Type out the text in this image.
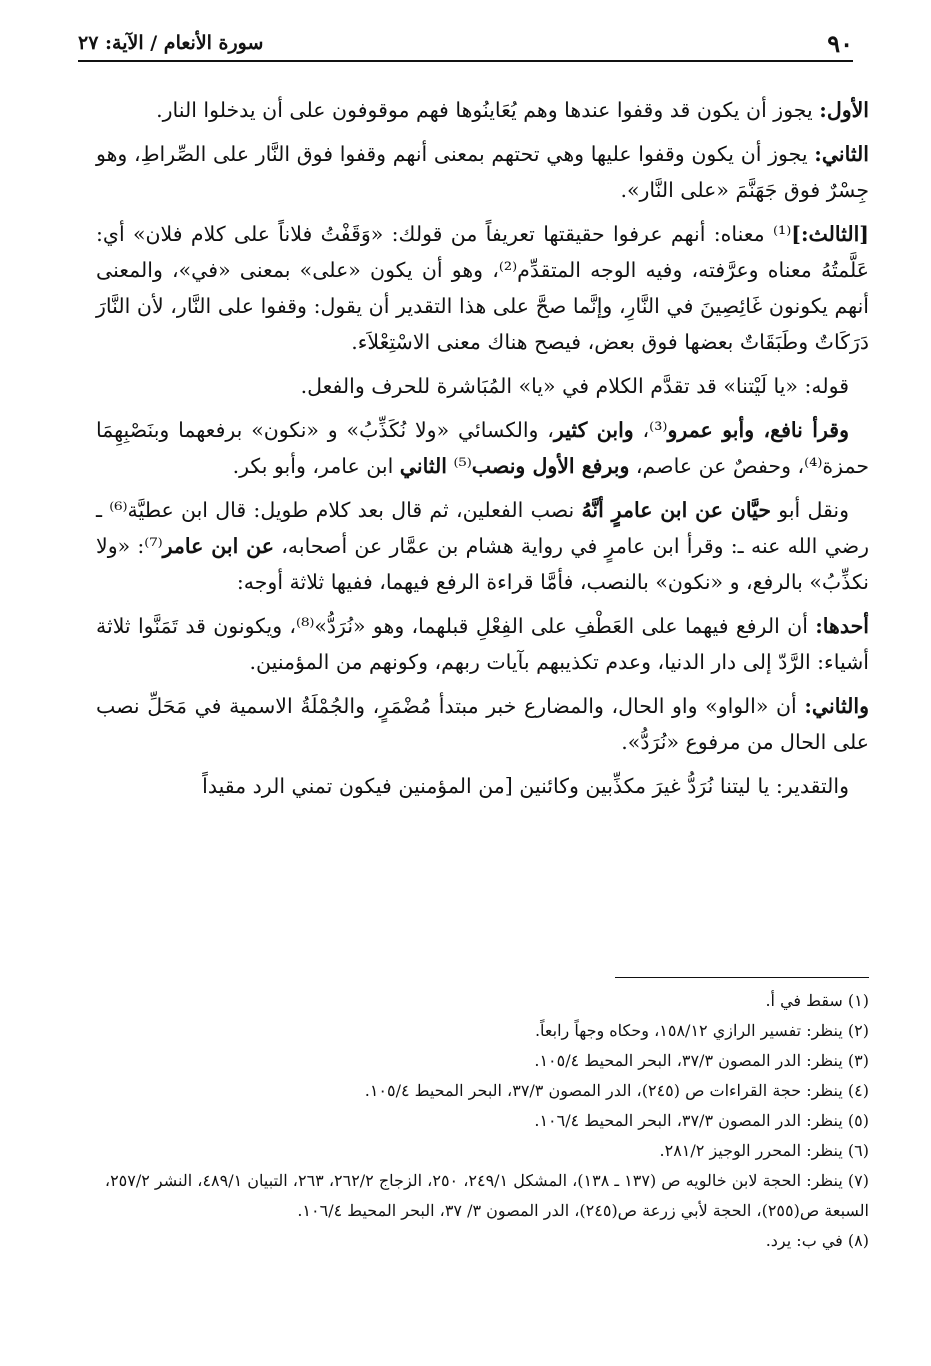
٩٠
سورة الأنعام / الآية: ٢٧

الأول: يجوز أن يكون قد وقفوا عندها وهم يُعَاينُوها فهم موقوفون على أن يدخلوا النار.

الثاني: يجوز أن يكون وقفوا عليها وهي تحتهم بمعنى أنهم وقفوا فوق النَّار على الصِّراطِ، وهو جِسْرٌ فوق جَهَنَّمَ «على النَّار».

[الثالث:]⁽¹⁾ معناه: أنهم عرفوا حقيقتها تعريفاً من قولك: «وَقَفْتُ فلاناً على كلام فلان» أي: عَلَّمتُهُ معناه وعرَّفته، وفيه الوجه المتقدِّم⁽²⁾، وهو أن يكون «على» بمعنى «في»، والمعنى أنهم يكونون غَائِصِينَ في النَّارِ، وإنَّما صحَّ على هذا التقدير أن يقول: وقفوا على النَّار، لأن النَّارَ دَرَكَاتٌ وطَبَقَاتٌ بعضها فوق بعض، فيصح هناك معنى الاسْتِعْلاَء.

قوله: «يا لَيْتنا» قد تقدَّم الكلام في «يا» المُبَاشرة للحرف والفعل.

وقرأ نافع، وأبو عمرو⁽³⁾، وابن كثير، والكسائي «ولا نُكَذِّبُ» و «نكون» برفعهما وبنَصْبِهِمَا حمزة⁽⁴⁾، وحفصٌ عن عاصم، وبرفع الأول ونصب⁽⁵⁾ الثاني ابن عامر، وأبو بكر.

ونقل أبو حيَّان عن ابن عامرٍ أنَّهُ نصب الفعلين، ثم قال بعد كلام طويل: قال ابن عطيَّة⁽⁶⁾ ـ رضي الله عنه ـ: وقرأ ابن عامرٍ في رواية هشام بن عمَّار عن أصحابه، عن ابن عامر⁽⁷⁾: «ولا نكذِّبُ» بالرفع، و «نكون» بالنصب، فأمَّا قراءة الرفع فيهما، ففيها ثلاثة أوجه:

أحدها: أن الرفع فيهما على العَطْفِ على الفِعْلِ قبلهما، وهو «نُرَدُّ»⁽⁸⁾، ويكونون قد تَمَنَّوا ثلاثة أشياء: الرَّدّ إلى دار الدنيا، وعدم تكذيبهم بآيات ربهم، وكونهم من المؤمنين.

والثاني: أن «الواو» واو الحال، والمضارع خبر مبتدأ مُضْمَرٍ، والجُمْلَةُ الاسمية في مَحَلِّ نصب على الحال من مرفوع «نُرَدُّ».

والتقدير: يا ليتنا نُرَدُّ غيرَ مكذِّبين وكائنين [من المؤمنين فيكون تمني الرد مقيداً

(١) سقط في أ.

(٢) ينظر: تفسير الرازي ١٥٨/١٢، وحكاه وجهاً رابعاً.

(٣) ينظر: الدر المصون ٣٧/٣، البحر المحيط ١٠٥/٤.

(٤) ينظر: حجة القراءات ص (٢٤٥)، الدر المصون ٣٧/٣، البحر المحيط ١٠٥/٤.

(٥) ينظر: الدر المصون ٣٧/٣، البحر المحيط ١٠٦/٤.

(٦) ينظر: المحرر الوجيز ٢٨١/٢.

(٧) ينظر: الحجة لابن خالويه ص (١٣٧ ـ ١٣٨)، المشكل ٢٤٩/١، ٢٥٠، الزجاج ٢٦٢/٢، ٢٦٣، التبيان ٤٨٩/١، النشر ٢٥٧/٢، السبعة ص(٢٥٥)، الحجة لأبي زرعة ص(٢٤٥)، الدر المصون ٣/ ٣٧، البحر المحيط ١٠٦/٤.

(٨) في ب: يرد.
